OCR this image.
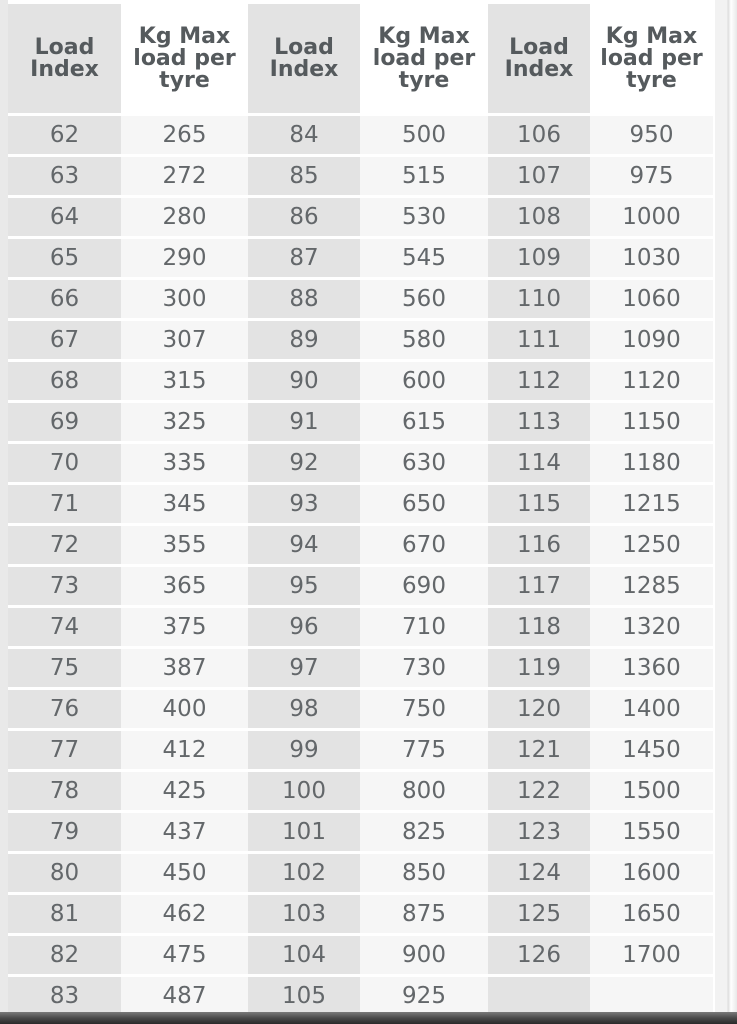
Load Index	Kg Max load per tyre	Load Index	Kg Max load per tyre	Load Index	Kg Max load per tyre
62	265	84	500	106	950
63	272	85	515	107	975
64	280	86	530	108	1000
65	290	87	545	109	1030
66	300	88	560	110	1060
67	307	89	580	111	1090
68	315	90	600	112	1120
69	325	91	615	113	1150
70	335	92	630	114	1180
71	345	93	650	115	1215
72	355	94	670	116	1250
73	365	95	690	117	1285
74	375	96	710	118	1320
75	387	97	730	119	1360
76	400	98	750	120	1400
77	412	99	775	121	1450
78	425	100	800	122	1500
79	437	101	825	123	1550
80	450	102	850	124	1600
81	462	103	875	125	1650
82	475	104	900	126	1700
83	487	105	925		
